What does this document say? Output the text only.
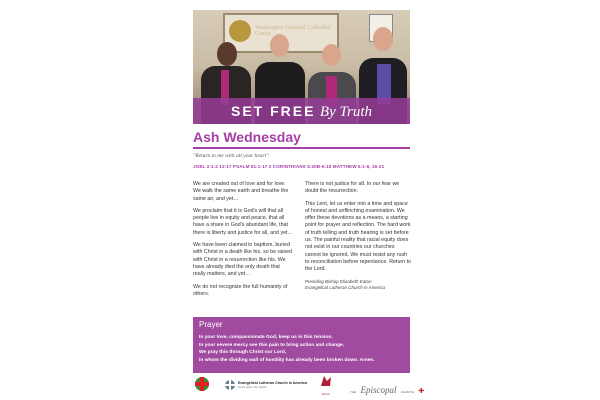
Washington National Cathedral Center
SET FREE By Truth
Ash Wednesday
"Return to me with all your heart"
JOEL 2:1-2 12-17 PSALM 51:1-17 2 CORINTHIANS 5:20B-6:10 MATTHEW 6:1-6, 16-21

We are created out of love and for love. We walk the same earth and breathe the same air, and yet…

We proclaim that it is God's will that all people live in equity and peace, that all have a share in God's abundant life, that there is liberty and justice for all, and yet…

We have been claimed in baptism, buried with Christ in a death like his, so be raised with Christ in a resurrection like his. We have already died the only death that really matters, and yet…

We do not recognize the full humanity of others.

There is not justice for all. In our fear we doubt the resurrection.

This Lent, let us enter into a time and space of honest and unflinching examination. We offer these devotions as a means, a starting point for prayer and reflection. The hard work of truth telling and truth hearing is set before us. The painful reality that racial equity does not exist in our countries our churches cannot be ignored. We must resist any rush to reconciliation before repentance. Return to the Lord.

Presiding Bishop Elizabeth Eaton
Evangelical Lutheran Church in America
Prayer
In your love, compassionate God, keep us in this tension.
In your severe mercy see this pain to bring action and change.
We pray this through Christ our Lord,
in whom the dividing wall of hostility has already been broken down. Amen.
Evangelical Lutheran Church in America
God's work. Our hands.
ELCIC	THE Episcopal CHURCH ✚
